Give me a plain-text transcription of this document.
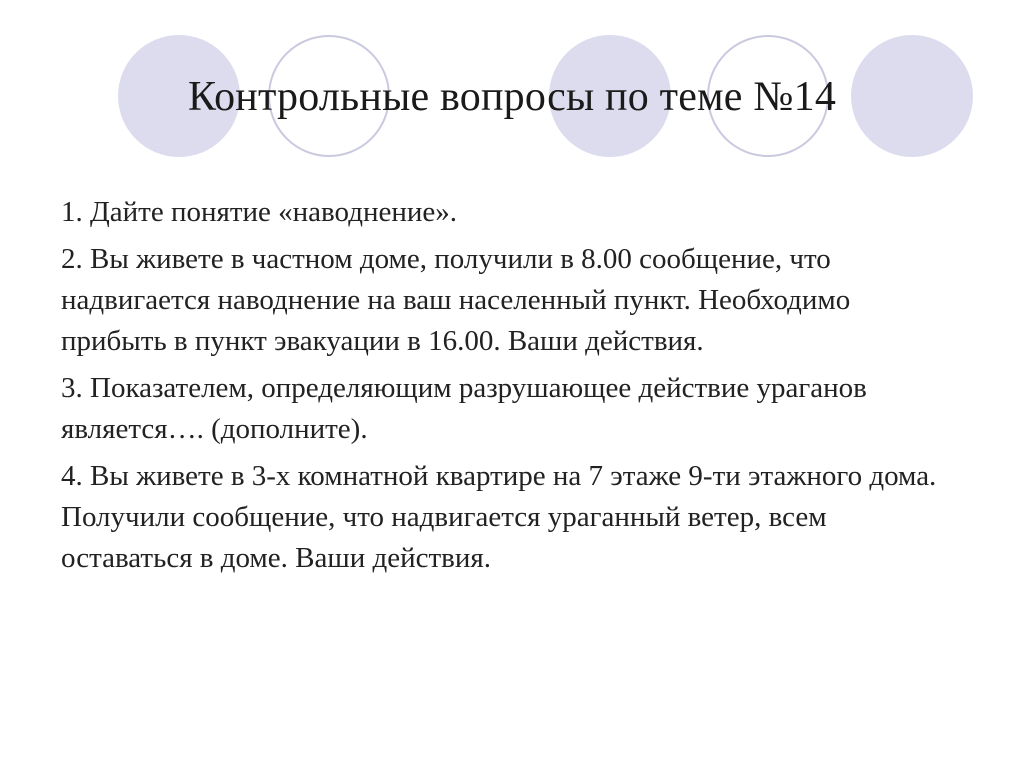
Контрольные вопросы по теме №14

1. Дайте понятие «наводнение».

2. Вы живете в частном доме, получили в 8.00 сообщение, что надвигается наводнение на ваш населенный пункт. Необходимо прибыть в пункт эвакуации в 16.00. Ваши действия.

3. Показателем, определяющим разрушающее действие ураганов является…. (дополните).

4. Вы живете в 3-х комнатной квартире на 7 этаже 9-ти этажного дома. Получили сообщение, что надвигается ураганный ветер, всем оставаться в доме. Ваши действия.
